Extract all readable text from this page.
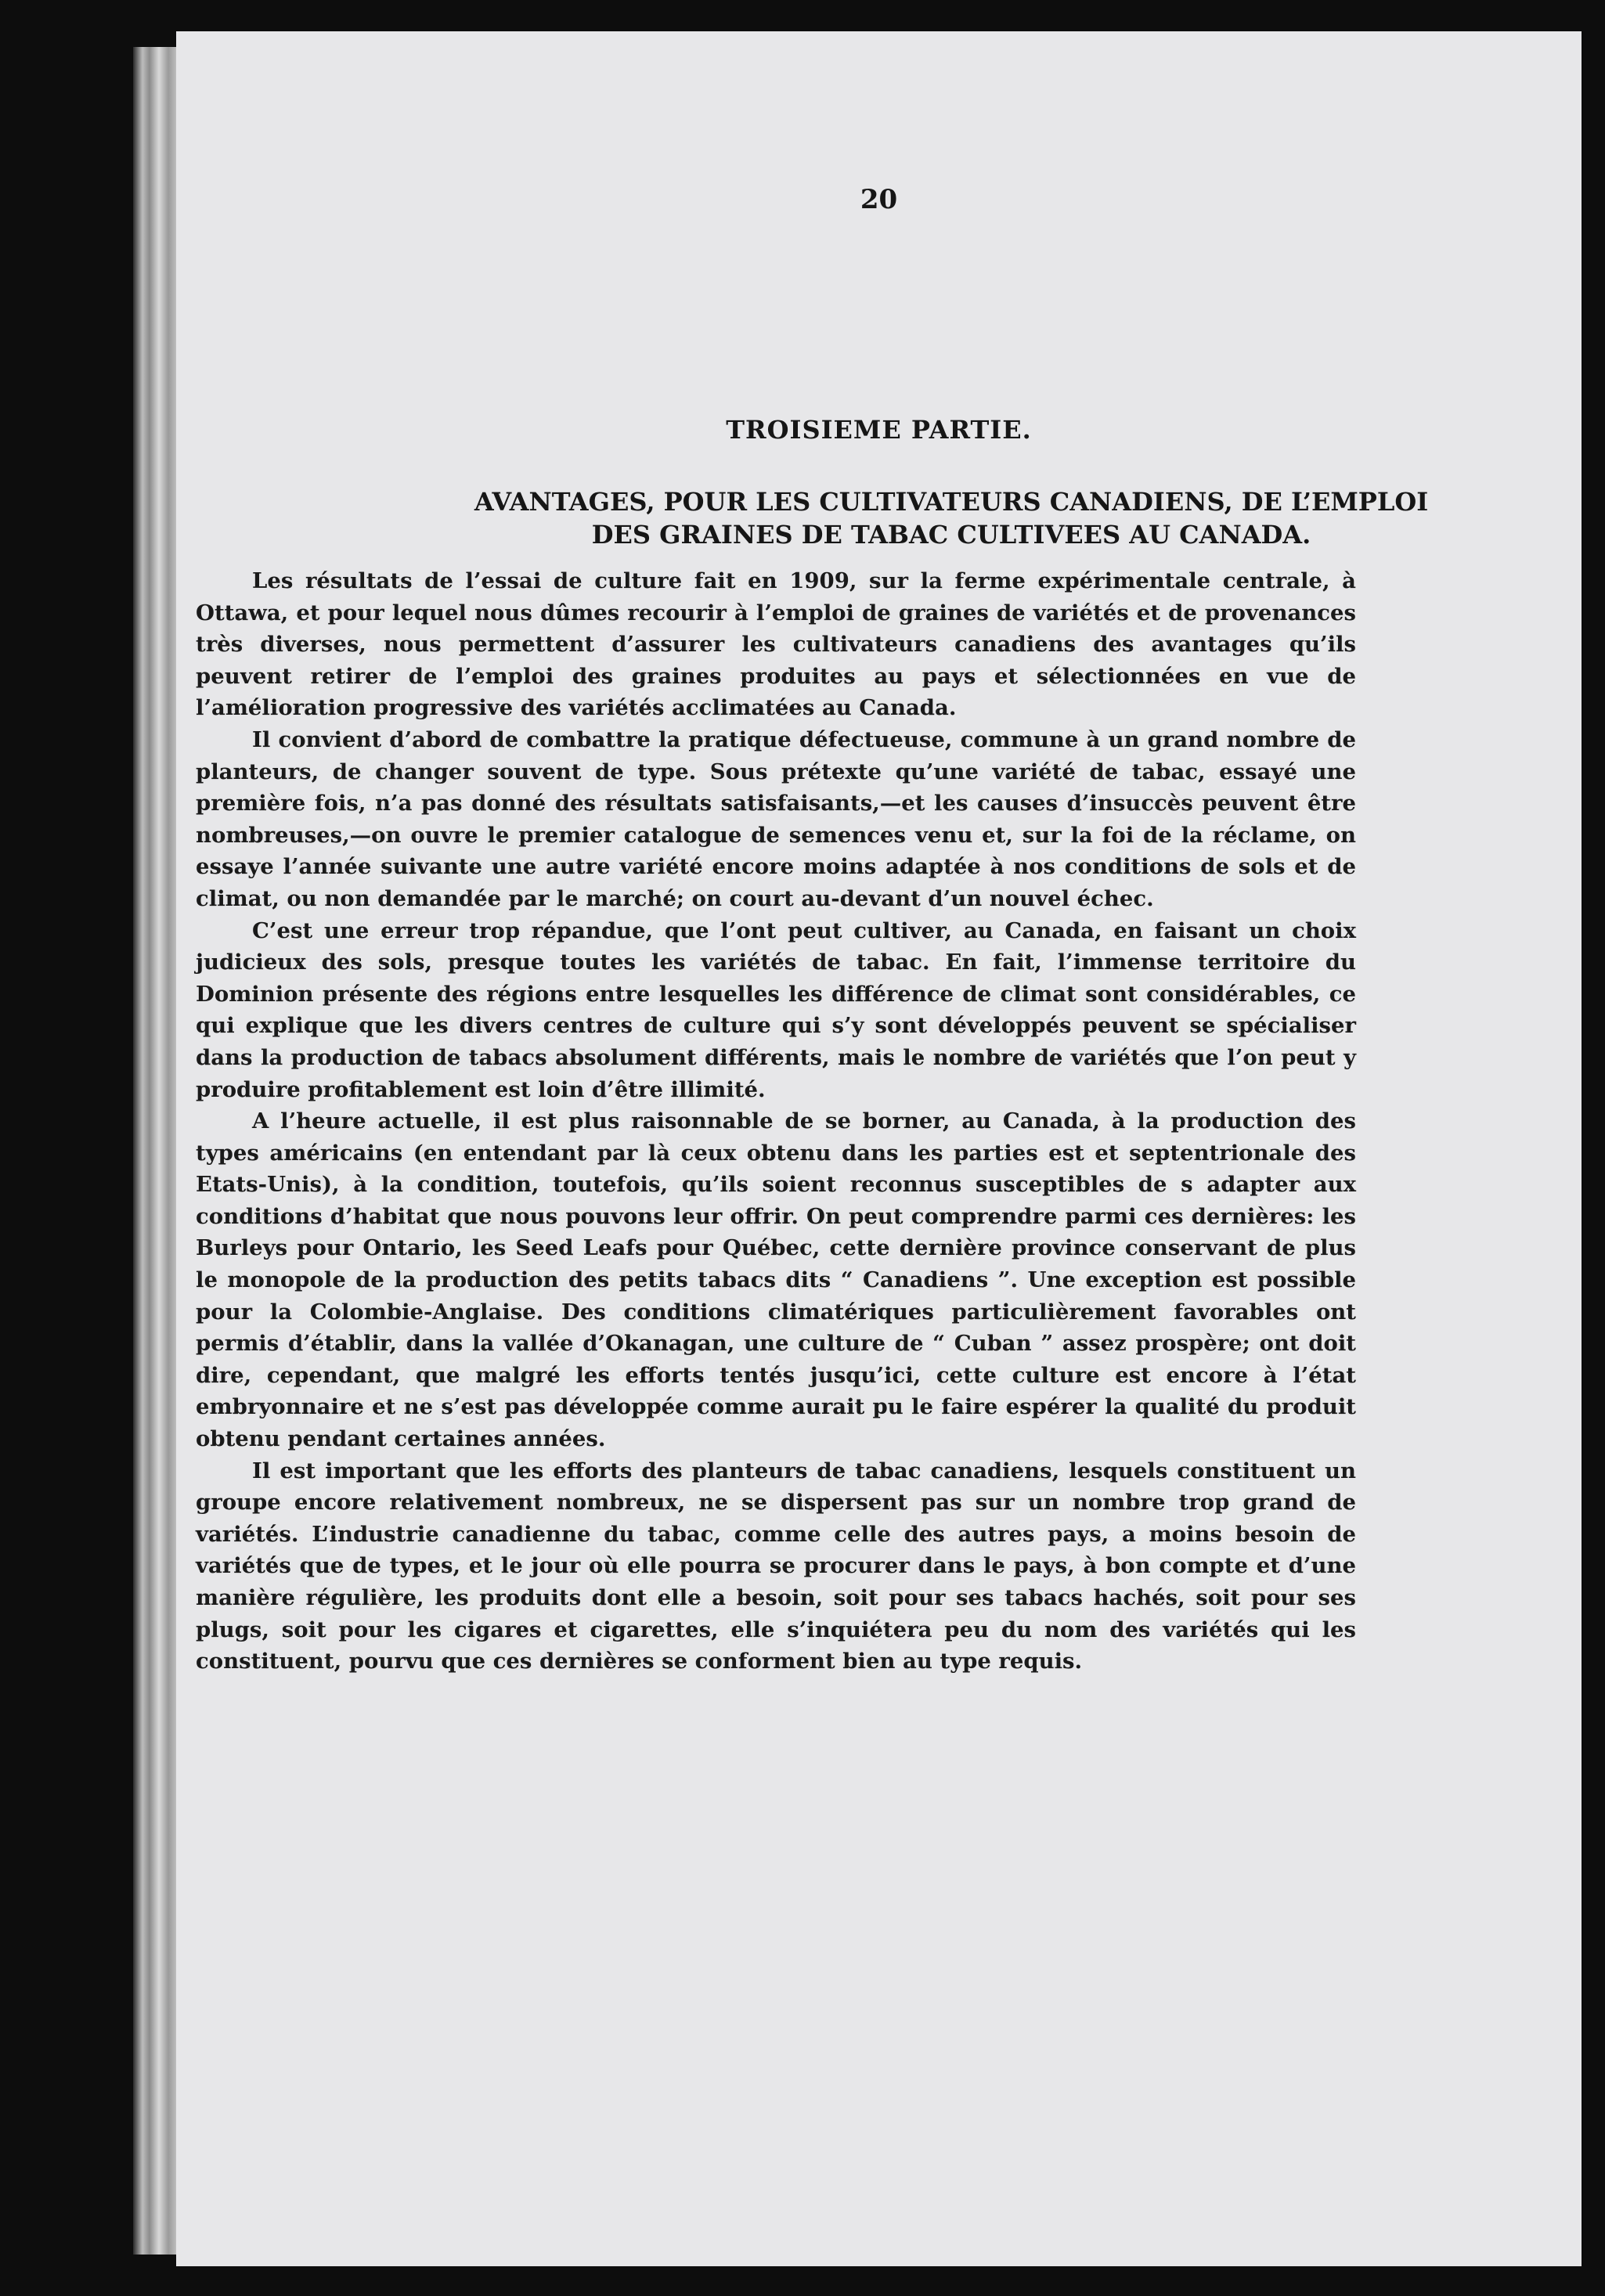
20
TROISIEME PARTIE.
AVANTAGES, POUR LES CULTIVATEURS CANADIENS, DE L’EMPLOI
DES GRAINES DE TABAC CULTIVEES AU CANADA.

Les résultats de l’essai de culture fait en 1909, sur la ferme expérimentale centrale, à Ottawa, et pour lequel nous dûmes recourir à l’emploi de graines de variétés et de provenances très diverses, nous permettent d’assurer les cultivateurs canadiens des avantages qu’ils peuvent retirer de l’emploi des graines produites au pays et sélectionnées en vue de l’amélioration progressive des variétés acclimatées au Canada.

Il convient d’abord de combattre la pratique défectueuse, commune à un grand nombre de planteurs, de changer souvent de type. Sous prétexte qu’une variété de tabac, essayé une première fois, n’a pas donné des résultats satisfaisants,—et les causes d’insuccès peuvent être nombreuses,—on ouvre le premier catalogue de semences venu et, sur la foi de la réclame, on essaye l’année suivante une autre variété encore moins adaptée à nos conditions de sols et de climat, ou non demandée par le marché; on court au-devant d’un nouvel échec.

C’est une erreur trop répandue, que l’ont peut cultiver, au Canada, en faisant un choix judicieux des sols, presque toutes les variétés de tabac. En fait, l’immense territoire du Dominion présente des régions entre lesquelles les différence de climat sont considérables, ce qui explique que les divers centres de culture qui s’y sont développés peuvent se spécialiser dans la production de tabacs absolument différents, mais le nombre de variétés que l’on peut y produire profitablement est loin d’être illimité.

A l’heure actuelle, il est plus raisonnable de se borner, au Canada, à la production des types américains (en entendant par là ceux obtenu dans les parties est et septentrionale des Etats-Unis), à la condition, toutefois, qu’ils soient reconnus susceptibles de s adapter aux conditions d’habitat que nous pouvons leur offrir. On peut comprendre parmi ces dernières: les Burleys pour Ontario, les Seed Leafs pour Québec, cette dernière province conservant de plus le monopole de la production des petits tabacs dits “ Canadiens ”. Une exception est possible pour la Colombie-Anglaise. Des conditions climatériques particulièrement favorables ont permis d’établir, dans la vallée d’Okanagan, une culture de “ Cuban ” assez prospère; ont doit dire, cependant, que malgré les efforts tentés jusqu’ici, cette culture est encore à l’état embryonnaire et ne s’est pas développée comme aurait pu le faire espérer la qualité du produit obtenu pendant certaines années.

Il est important que les efforts des planteurs de tabac canadiens, lesquels constituent un groupe encore relativement nombreux, ne se dispersent pas sur un nombre trop grand de variétés. L’industrie canadienne du tabac, comme celle des autres pays, a moins besoin de variétés que de types, et le jour où elle pourra se procurer dans le pays, à bon compte et d’une manière régulière, les produits dont elle a besoin, soit pour ses tabacs hachés, soit pour ses plugs, soit pour les cigares et cigarettes, elle s’inquiétera peu du nom des variétés qui les constituent, pourvu que ces dernières se conforment bien au type requis.
